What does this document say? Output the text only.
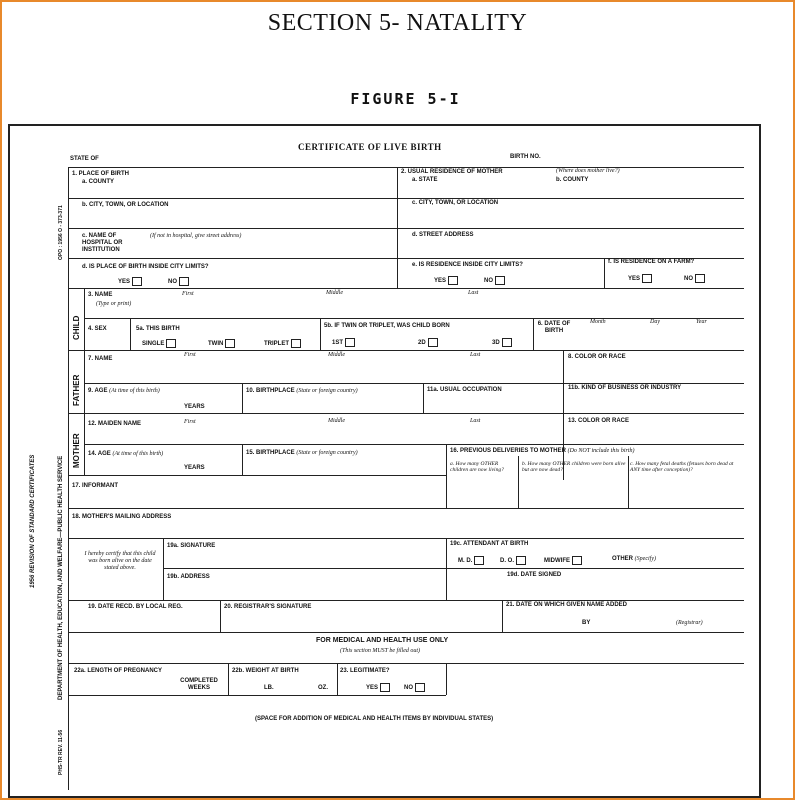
SECTION 5- NATALITY
FIGURE 5-I
1956 REVISION OF STANDARD CERTIFICATES	DEPARTMENT OF HEALTH, EDUCATION, AND WELFARE—PUBLIC HEALTH SERVICE
PHS-TR REV. 11-56
OPO : 1956 O - 373-371
CERTIFICATE OF LIVE BIRTH
BIRTH NO.
STATE OF
CHILD
FATHER
MOTHER
1. PLACE OF BIRTH
a. COUNTY
2. USUAL RESIDENCE OF MOTHER	(Where does mother live?)
a. STATE	b. COUNTY
b. CITY, TOWN, OR LOCATION	c. CITY, TOWN, OR LOCATION
c. NAME OF HOSPITAL OR INSTITUTION
(If not in hospital, give street address)	d. STREET ADDRESS
d. IS PLACE OF BIRTH INSIDE CITY LIMITS?
YES	NO
e. IS RESIDENCE INSIDE CITY LIMITS?
YES	NO
f. IS RESIDENCE ON A FARM?
YES	NO
3. NAME
(Type or print)
First	Middle	Last
4. SEX	5a. THIS BIRTH
SINGLE	TWIN	TRIPLET
5b. IF TWIN OR TRIPLET, WAS CHILD BORN
1ST	2D	3D
6. DATE OF BIRTH
Month	Day	Year
7. NAME
First	Middle	Last	8. COLOR OR RACE
9. AGE (At time of this birth)
YEARS
10. BIRTHPLACE (State or foreign country)	11a. USUAL OCCUPATION	11b. KIND OF BUSINESS OR INDUSTRY
12. MAIDEN NAME	First	Middle	Last	13. COLOR OR RACE
14. AGE (At time of this birth)
YEARS
15. BIRTHPLACE (State or foreign country)	16. PREVIOUS DELIVERIES TO MOTHER (Do NOT include this birth)
a. How many OTHER children are now living?
b. How many OTHER children were born alive but are now dead?
c. How many fetal deaths (fetuses born dead at ANY time after conception)?
17. INFORMANT
18. MOTHER'S MAILING ADDRESS
I hereby certify that this child was born alive on the date stated above.
19a. SIGNATURE
19b. ADDRESS
19c. ATTENDANT AT BIRTH
M. D.	D. O.	MIDWIFE	OTHER (Specify)
19d. DATE SIGNED
19. DATE RECD. BY LOCAL REG.	20. REGISTRAR'S SIGNATURE	21. DATE ON WHICH GIVEN NAME ADDED
BY	(Registrar)
FOR MEDICAL AND HEALTH USE ONLY
(This section MUST be filled out)
22a. LENGTH OF PREGNANCY
COMPLETED WEEKS
22b. WEIGHT AT BIRTH
LB.	OZ.
23. LEGITIMATE?
YES	NO
(SPACE FOR ADDITION OF MEDICAL AND HEALTH ITEMS BY INDIVIDUAL STATES)
